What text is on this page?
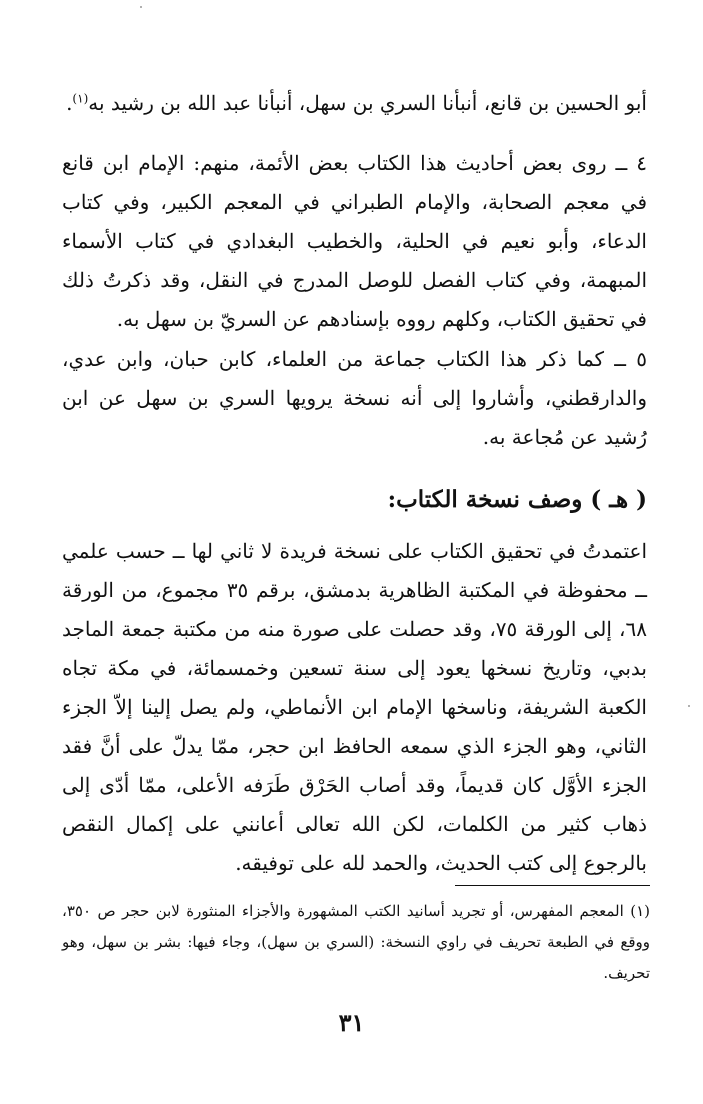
أبو الحسين بن قانع، أنبأنا السري بن سهل، أنبأنا عبد الله بن رشيد به$^{(١)}$.
٤ ــ روى بعض أحاديث هذا الكتاب بعض الأئمة، منهم: الإمام ابن قانع في معجم الصحابة، والإمام الطبراني في المعجم الكبير، وفي كتاب الدعاء، وأبو نعيم في الحلية، والخطيب البغدادي في كتاب الأسماء المبهمة، وفي كتاب الفصل للوصل المدرج في النقل، وقد ذكرتُ ذلك في تحقيق الكتاب، وكلهم رووه بإسنادهم عن السريّ بن سهل به.
٥ ــ كما ذكر هذا الكتاب جماعة من العلماء، كابن حبان، وابن عدي، والدارقطني، وأشاروا إلى أنه نسخة يرويها السري بن سهل عن ابن رُشيد عن مُجاعة به.
( هـ ) وصف نسخة الكتاب:
اعتمدتُ في تحقيق الكتاب على نسخة فريدة لا ثاني لها ــ حسب علمي ــ محفوظة في المكتبة الظاهرية بدمشق، برقم ٣٥ مجموع، من الورقة ٦٨، إلى الورقة ٧٥، وقد حصلت على صورة منه من مكتبة جمعة الماجد بدبي، وتاريخ نسخها يعود إلى سنة تسعين وخمسمائة، في مكة تجاه الكعبة الشريفة، وناسخها الإمام ابن الأنماطي، ولم يصل إلينا إلاّ الجزء الثاني، وهو الجزء الذي سمعه الحافظ ابن حجر، ممّا يدلّ على أنَّ فقد الجزء الأوَّل كان قديماً، وقد أصاب الحَرْق طَرَفه الأعلى، ممّا أدّى إلى ذهاب كثير من الكلمات، لكن الله تعالى أعانني على إكمال النقص بالرجوع إلى كتب الحديث، والحمد لله على توفيقه.
(١) المعجم المفهرس، أو تجريد أسانيد الكتب المشهورة والأجزاء المنثورة لابن حجر ص ٣٥٠، ووقع في الطبعة تحريف في راوي النسخة: (السري بن سهل)، وجاء فيها: بشر بن سهل، وهو تحريف.
٣١
